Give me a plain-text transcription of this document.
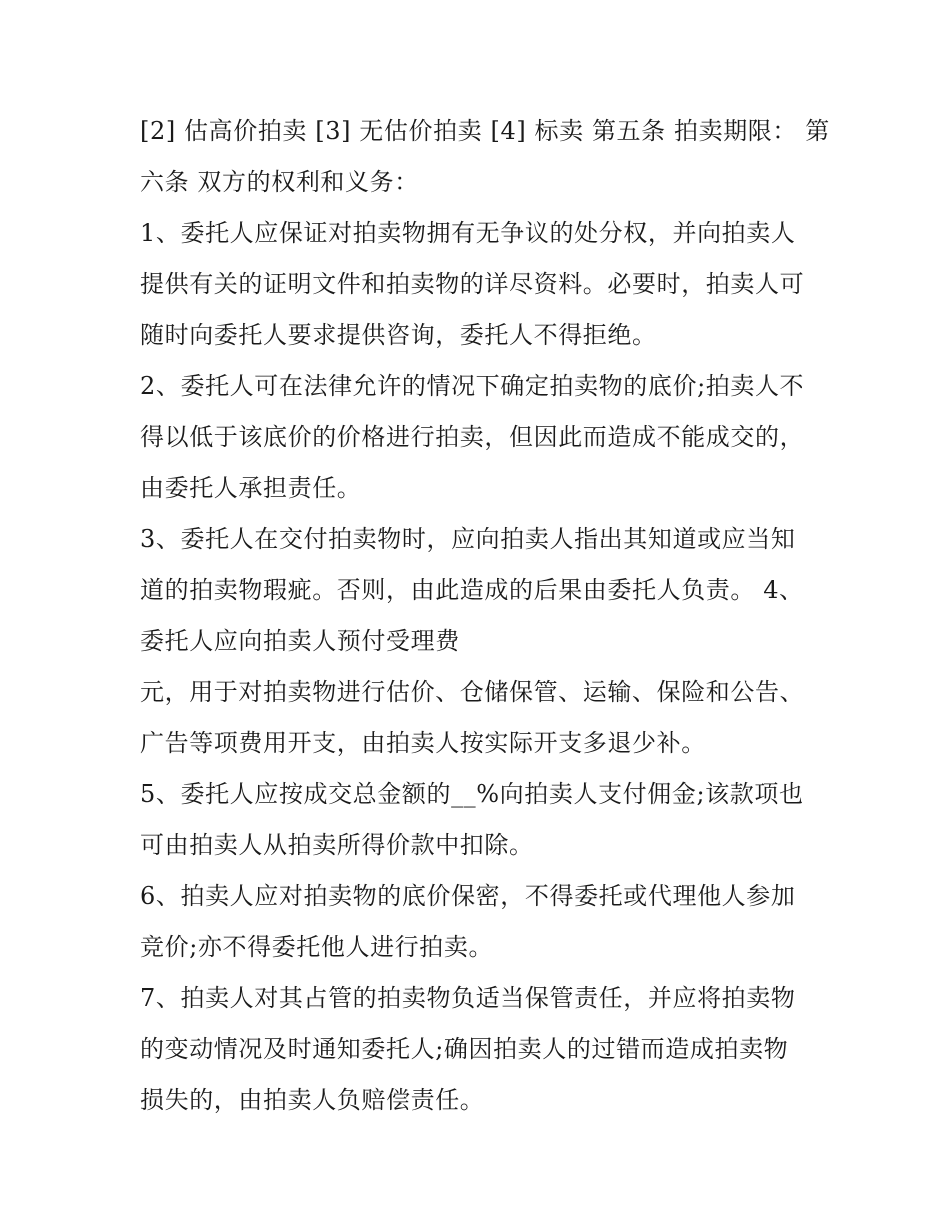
[2] 估高价拍卖 [3] 无估价拍卖 [4] 标卖 第五条 拍卖期限： 第
六条 双方的权利和义务：
1、委托人应保证对拍卖物拥有无争议的处分权，并向拍卖人
提供有关的证明文件和拍卖物的详尽资料。必要时，拍卖人可
随时向委托人要求提供咨询，委托人不得拒绝。
2、委托人可在法律允许的情况下确定拍卖物的底价;拍卖人不
得以低于该底价的价格进行拍卖，但因此而造成不能成交的，
由委托人承担责任。
3、委托人在交付拍卖物时，应向拍卖人指出其知道或应当知
道的拍卖物瑕疵。否则，由此造成的后果由委托人负责。 4、
委托人应向拍卖人预付受理费
元，用于对拍卖物进行估价、仓储保管、运输、保险和公告、
广告等项费用开支，由拍卖人按实际开支多退少补。
5、委托人应按成交总金额的__%向拍卖人支付佣金;该款项也
可由拍卖人从拍卖所得价款中扣除。
6、拍卖人应对拍卖物的底价保密，不得委托或代理他人参加
竞价;亦不得委托他人进行拍卖。
7、拍卖人对其占管的拍卖物负适当保管责任，并应将拍卖物
的变动情况及时通知委托人;确因拍卖人的过错而造成拍卖物
损失的，由拍卖人负赔偿责任。
